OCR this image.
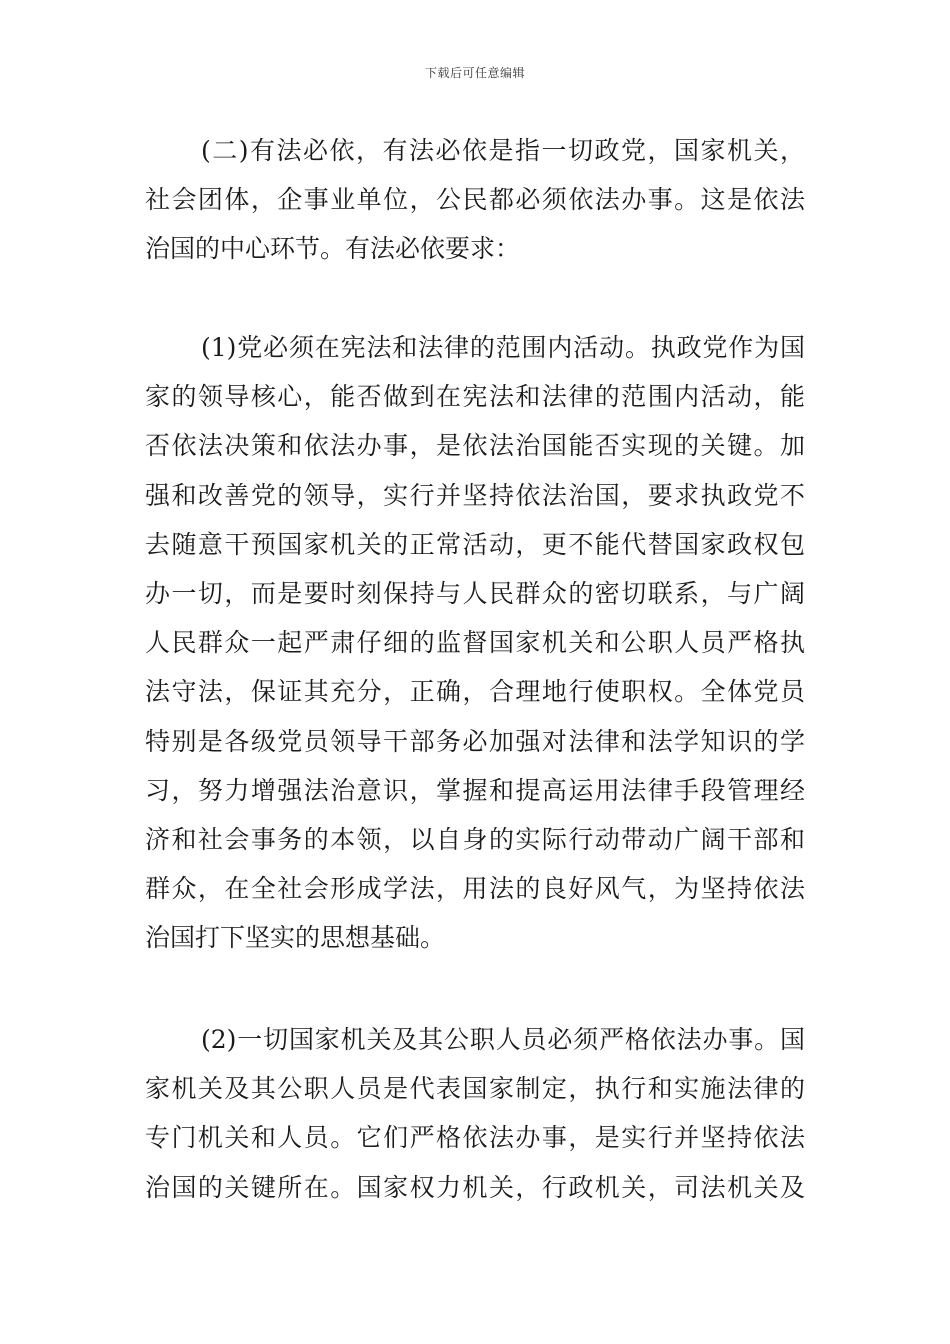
下载后可任意编辑
(二)有法必依，有法必依是指一切政党，国家机关，
社会团体，企事业单位，公民都必须依法办事。这是依法
治国的中心环节。有法必依要求：
(1)党必须在宪法和法律的范围内活动。执政党作为国
家的领导核心，能否做到在宪法和法律的范围内活动，能
否依法决策和依法办事，是依法治国能否实现的关键。加
强和改善党的领导，实行并坚持依法治国，要求执政党不
去随意干预国家机关的正常活动，更不能代替国家政权包
办一切，而是要时刻保持与人民群众的密切联系，与广阔
人民群众一起严肃仔细的监督国家机关和公职人员严格执
法守法，保证其充分，正确，合理地行使职权。全体党员
特别是各级党员领导干部务必加强对法律和法学知识的学
习，努力增强法治意识，掌握和提高运用法律手段管理经
济和社会事务的本领，以自身的实际行动带动广阔干部和
群众，在全社会形成学法，用法的良好风气，为坚持依法
治国打下坚实的思想基础。
(2)一切国家机关及其公职人员必须严格依法办事。国
家机关及其公职人员是代表国家制定，执行和实施法律的
专门机关和人员。它们严格依法办事，是实行并坚持依法
治国的关键所在。国家权力机关，行政机关，司法机关及
